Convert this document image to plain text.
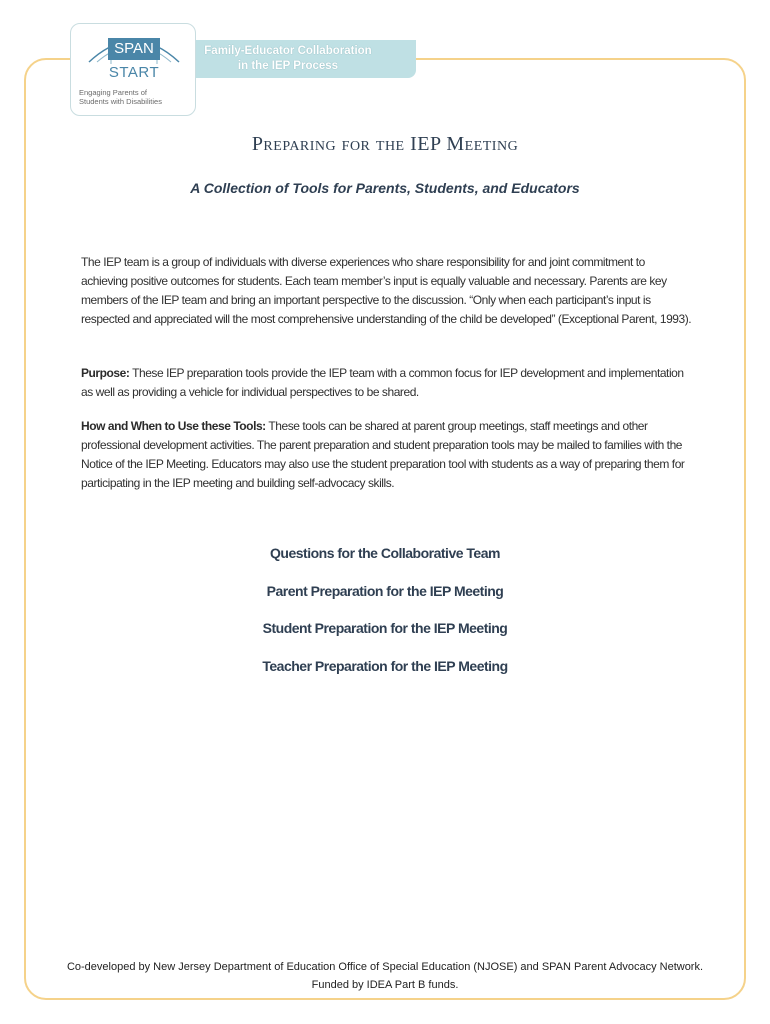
Family-Educator Collaboration
in the IEP Process
SPAN
START
Engaging Parents of
Students with Disabilities
Preparing for the IEP Meeting
A Collection of Tools for Parents, Students, and Educators

The IEP team is a group of individuals with diverse experiences who share responsibility for and joint commitment to achieving positive outcomes for students. Each team member’s input is equally valuable and necessary. Parents are key members of the IEP team and bring an important perspective to the discussion. “Only when each participant’s input is respected and appreciated will the most comprehensive understanding of the child be developed” (Exceptional Parent, 1993).

Purpose: These IEP preparation tools provide the IEP team with a common focus for IEP development and implementation as well as providing a vehicle for individual perspectives to be shared.

How and When to Use these Tools: These tools can be shared at parent group meetings, staff meetings and other professional development activities. The parent preparation and student preparation tools may be mailed to families with the Notice of the IEP Meeting. Educators may also use the student preparation tool with students as a way of preparing them for participating in the IEP meeting and building self-advocacy skills.

Questions for the Collaborative Team
Parent Preparation for the IEP Meeting
Student Preparation for the IEP Meeting
Teacher Preparation for the IEP Meeting
Co-developed by New Jersey Department of Education Office of Special Education (NJOSE) and SPAN Parent Advocacy Network.
Funded by IDEA Part B funds.
